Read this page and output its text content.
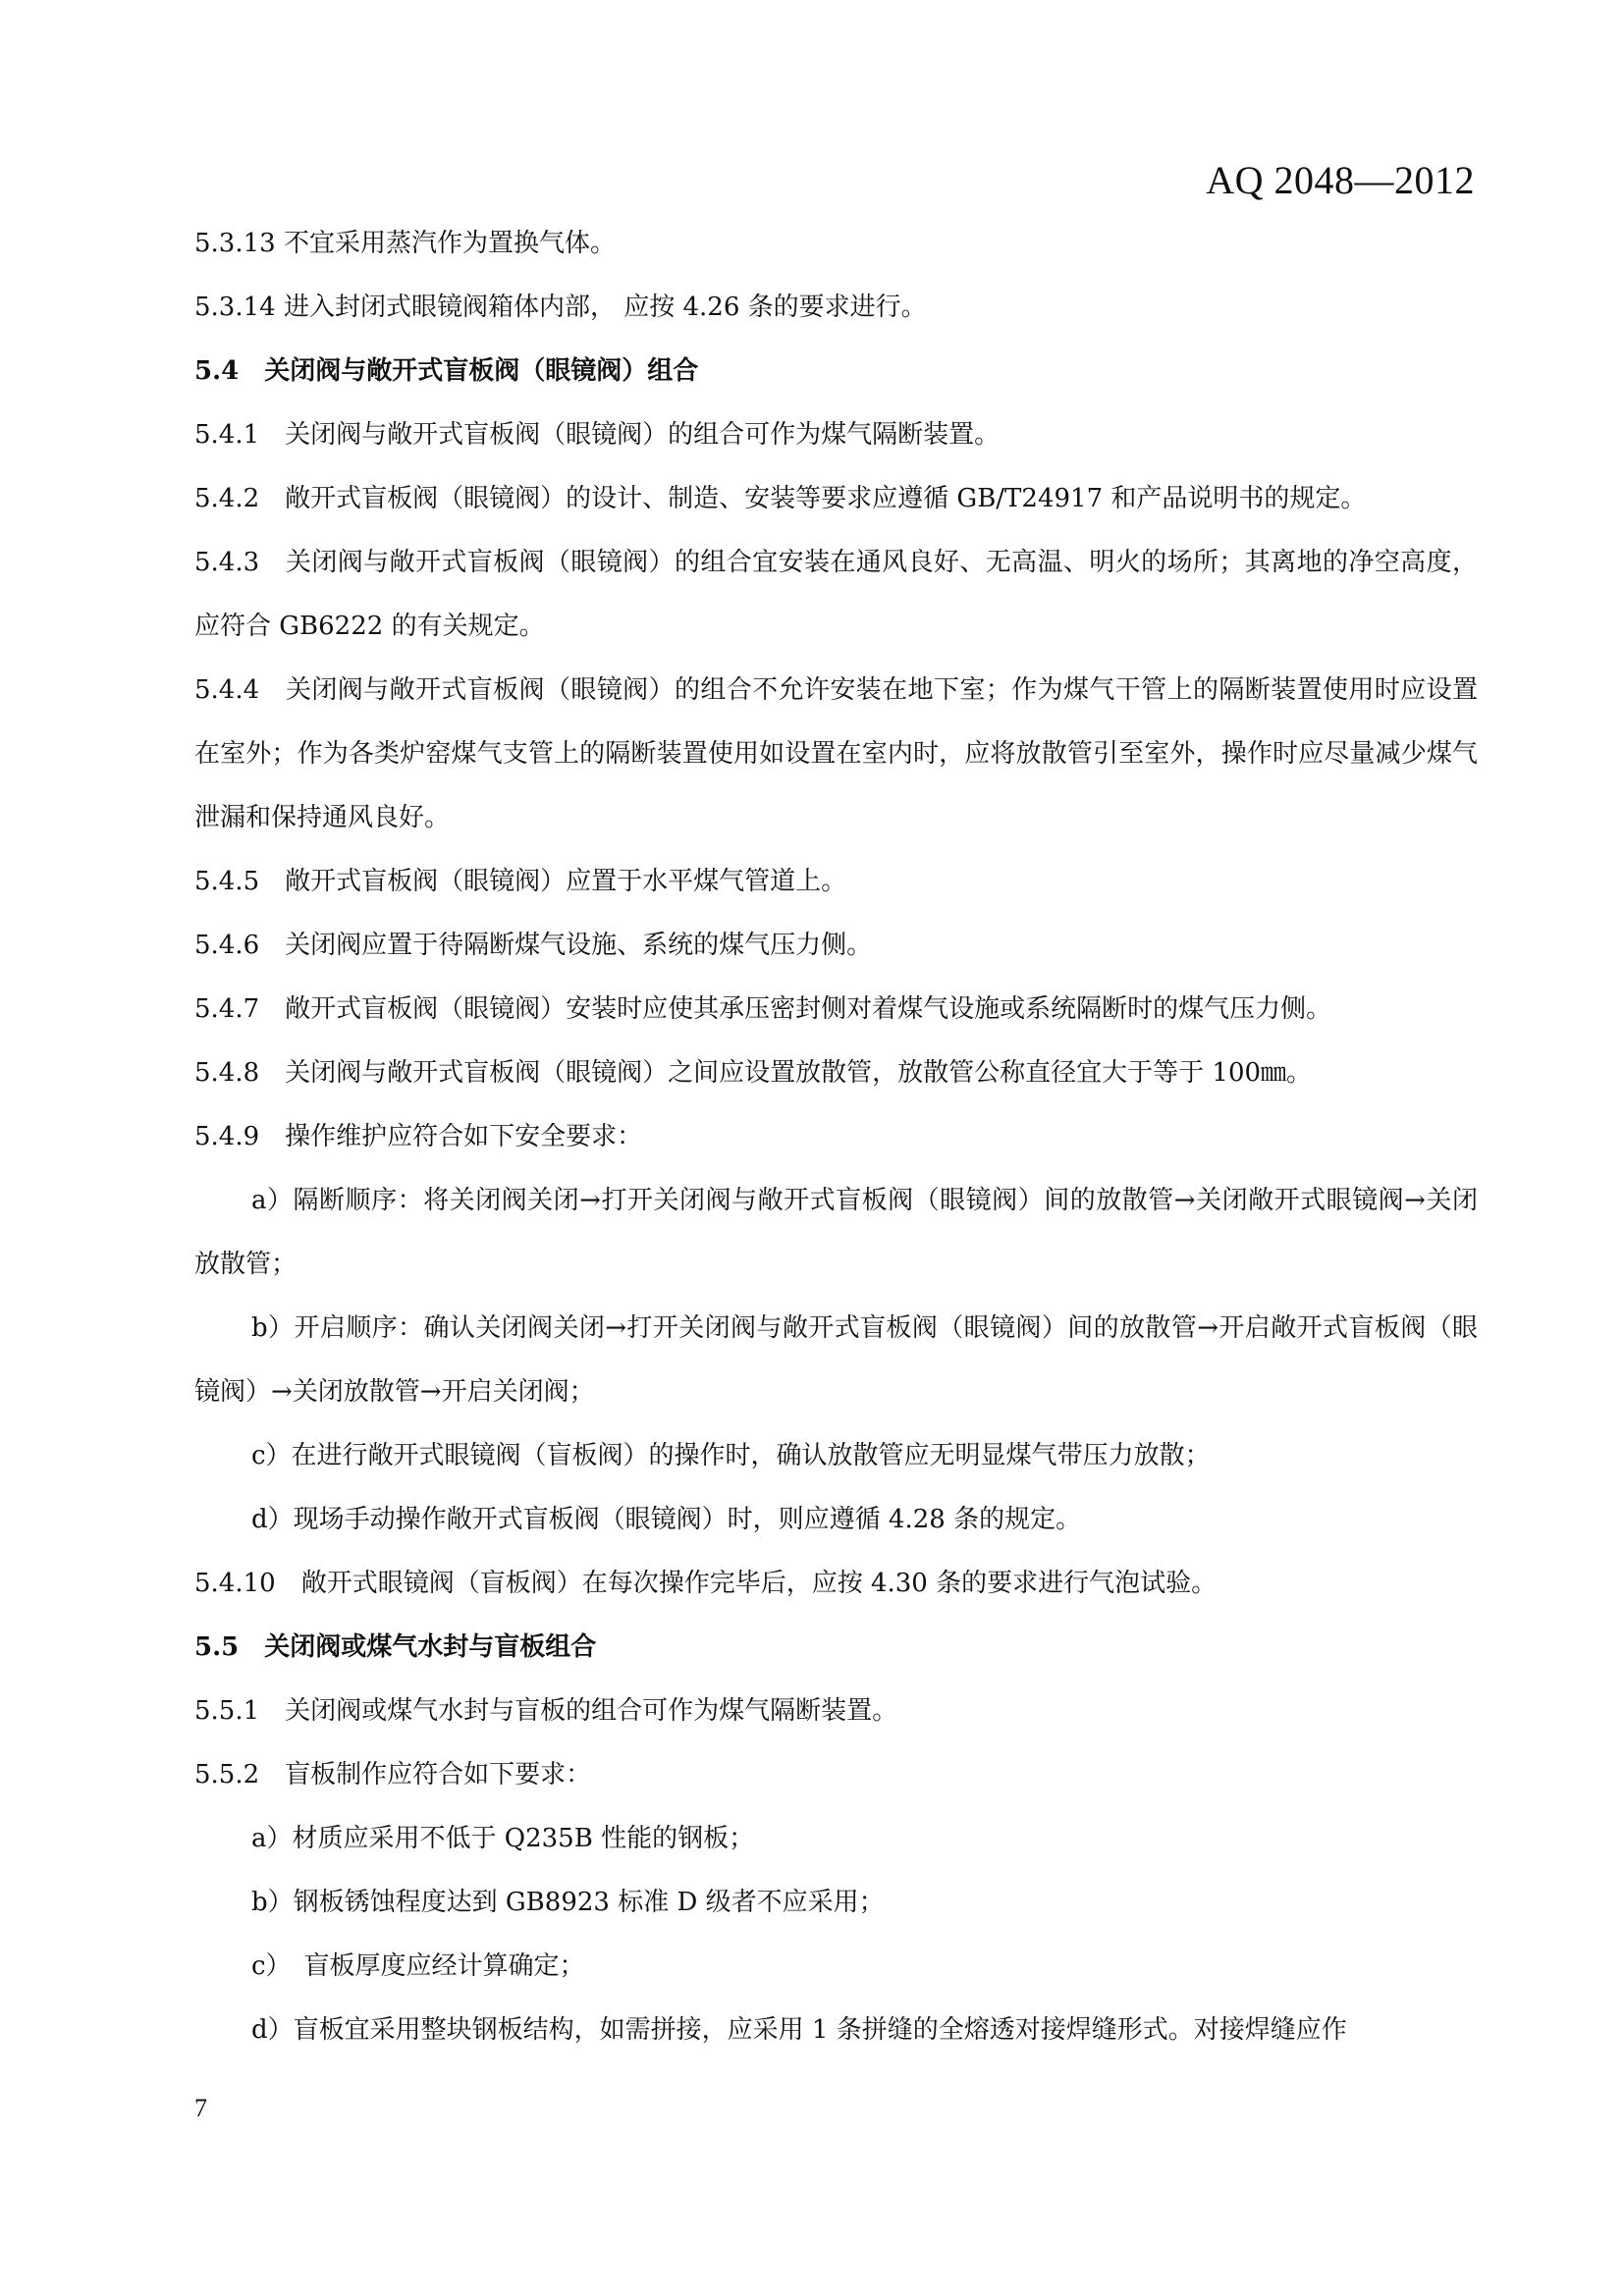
AQ 2048—2012

5.3.13 不宜采用蒸汽作为置换气体。

5.3.14 进入封闭式眼镜阀箱体内部， 应按 4.26 条的要求进行。

5.4　关闭阀与敞开式盲板阀（眼镜阀）组合

5.4.1　关闭阀与敞开式盲板阀（眼镜阀）的组合可作为煤气隔断装置。

5.4.2　敞开式盲板阀（眼镜阀）的设计、制造、安装等要求应遵循 GB/T24917 和产品说明书的规定。

5.4.3　关闭阀与敞开式盲板阀（眼镜阀）的组合宜安装在通风良好、无高温、明火的场所；其离地的净空高度，应符合 GB6222 的有关规定。

5.4.4　关闭阀与敞开式盲板阀（眼镜阀）的组合不允许安装在地下室；作为煤气干管上的隔断装置使用时应设置在室外；作为各类炉窑煤气支管上的隔断装置使用如设置在室内时，应将放散管引至室外，操作时应尽量减少煤气泄漏和保持通风良好。

5.4.5　敞开式盲板阀（眼镜阀）应置于水平煤气管道上。

5.4.6　关闭阀应置于待隔断煤气设施、系统的煤气压力侧。

5.4.7　敞开式盲板阀（眼镜阀）安装时应使其承压密封侧对着煤气设施或系统隔断时的煤气压力侧。

5.4.8　关闭阀与敞开式盲板阀（眼镜阀）之间应设置放散管，放散管公称直径宜大于等于 100㎜。

5.4.9　操作维护应符合如下安全要求：

a）隔断顺序：将关闭阀关闭→打开关闭阀与敞开式盲板阀（眼镜阀）间的放散管→关闭敞开式眼镜阀→关闭放散管；

b）开启顺序：确认关闭阀关闭→打开关闭阀与敞开式盲板阀（眼镜阀）间的放散管→开启敞开式盲板阀（眼镜阀）→关闭放散管→开启关闭阀；

c）在进行敞开式眼镜阀（盲板阀）的操作时，确认放散管应无明显煤气带压力放散；

d）现场手动操作敞开式盲板阀（眼镜阀）时，则应遵循 4.28 条的规定。

5.4.10　敞开式眼镜阀（盲板阀）在每次操作完毕后，应按 4.30 条的要求进行气泡试验。

5.5　关闭阀或煤气水封与盲板组合

5.5.1　关闭阀或煤气水封与盲板的组合可作为煤气隔断装置。

5.5.2　盲板制作应符合如下要求：

a）材质应采用不低于 Q235B 性能的钢板；

b）钢板锈蚀程度达到 GB8923 标准 D 级者不应采用；

c）　盲板厚度应经计算确定；

d）盲板宜采用整块钢板结构，如需拼接，应采用 1 条拼缝的全熔透对接焊缝形式。对接焊缝应作

7
